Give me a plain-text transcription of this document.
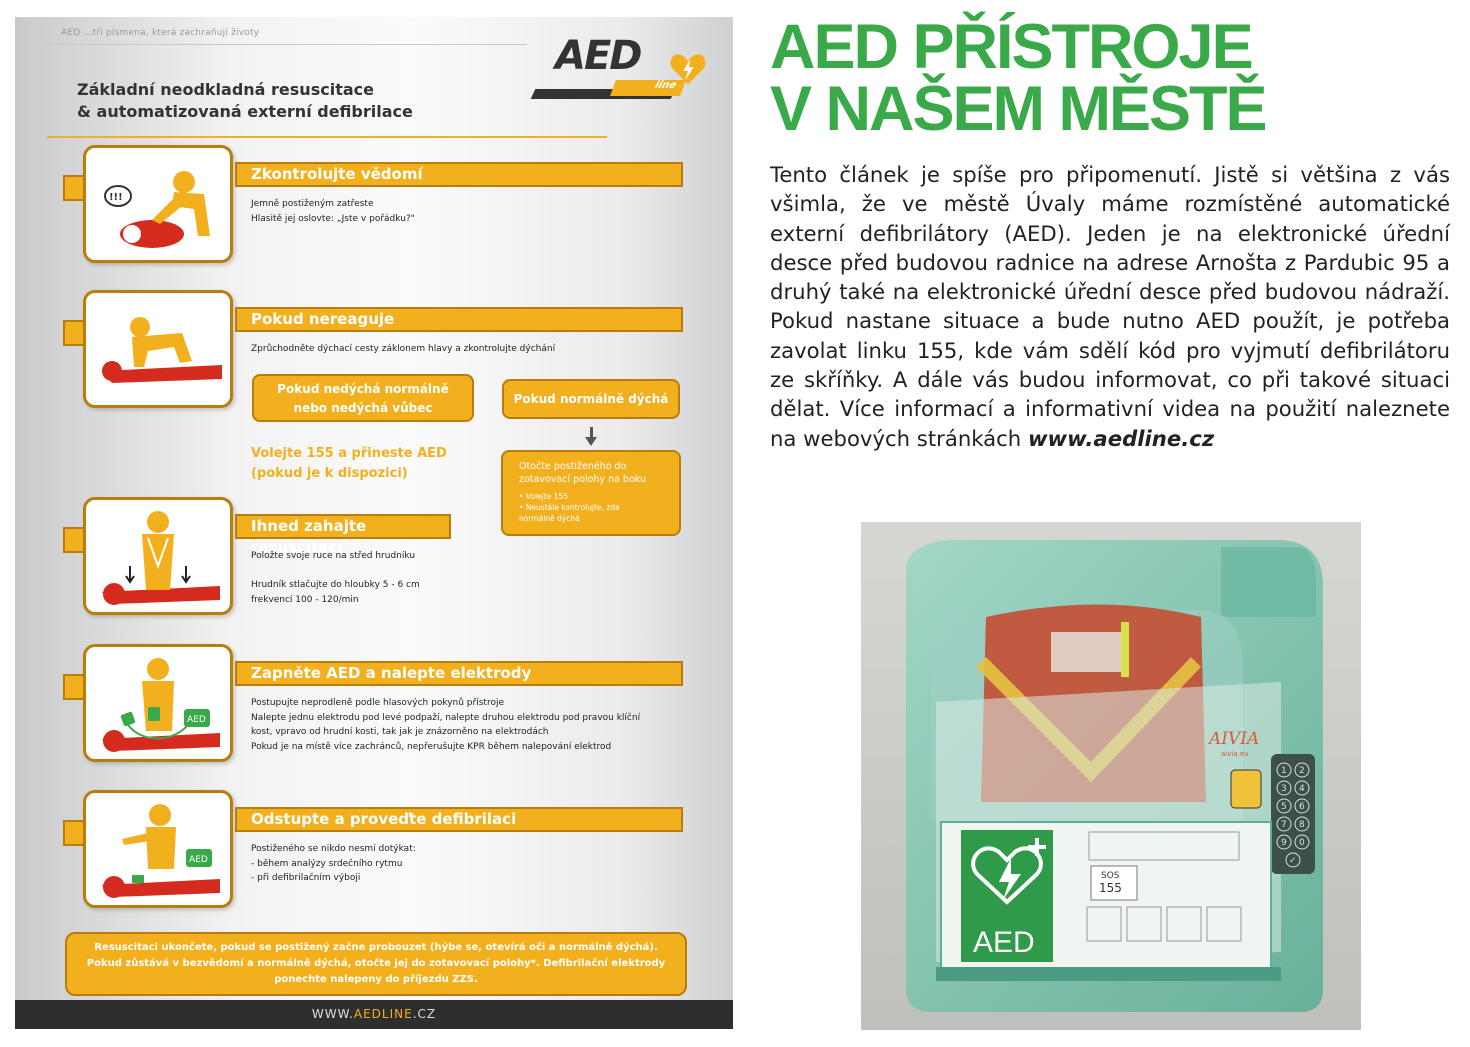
AED ...tři písmena, která zachraňují životy	AED
line
Základní neodkladná resuscitace
& automatizovaná externí defibrilace
!!!
Zkontrolujte vědomí
Jemně postiženým zatřeste
Hlasitě jej oslovte: „Jste v pořádku?"
Pokud nereaguje
Zprůchodněte dýchací cesty záklonem hlavy a zkontrolujte dýchání
Pokud nedýchá normálně
nebo nedýchá vůbec
Pokud normálně dýchá
Volejte 155 a přineste AED
(pokud je k dispozici)	Otočte postiženého do zotavovací polohy na boku
• Volejte 155
• Neustále kontrolujte, zda
normálně dýchá
Ihned zahajte resuscitaci
Položte svoje ruce na střed hrudníku

Hrudník stlačujte do hloubky 5 - 6 cm
frekvencí 100 - 120/min
AED
Zapněte AED a nalepte elektrody
Postupujte neprodleně podle hlasových pokynů přístroje
Nalepte jednu elektrodu pod levé podpaží, nalepte druhou elektrodu pod pravou klíční
kost, vpravo od hrudní kosti, tak jak je znázorněno na elektrodách
Pokud je na místě více zachránců, nepřerušujte KPR během nalepování elektrod
AED
Odstupte a proveďte defibrilaci
Postiženého se nikdo nesmí dotýkat:
- během analýzy srdečního rytmu
- při defibrilačním výboji
Resuscitaci ukončete, pokud se postižený začne probouzet (hýbe se, otevírá oči a normálně dýchá).
Pokud zůstává v bezvědomí a normálně dýchá, otočte jej do zotavovací polohy*. Defibrilační elektrody
ponechte nalepeny do příjezdu ZZS.
WWW.AEDLINE.CZ
AED PŘÍSTROJE
V NAŠEM MĚSTĚ
Tento článek je spíše pro připomenutí. Jistě si většina z vás všimla, že ve městě Úvaly máme rozmístěné automatické externí defibrilátory (AED). Jeden je na elektronické úřední desce před budovou radnice na adrese Arnošta z Pardubic 95 a druhý také na elektronické úřední desce před budovou nádraží. Pokud nastane situace a bude nutno AED použít, je potřeba zavolat linku 155, kde vám sdělí kód pro vyjmutí defibrilátoru ze skříňky. A dále vás budou informovat, co při takové situaci dělat. Více informací a informativní videa na použití naleznete na webových stránkách www.aedline.cz
AIVIA
aivia.eu
1 2
3 4
5 6
7 8
9 0
✓
AED
SOS
155
